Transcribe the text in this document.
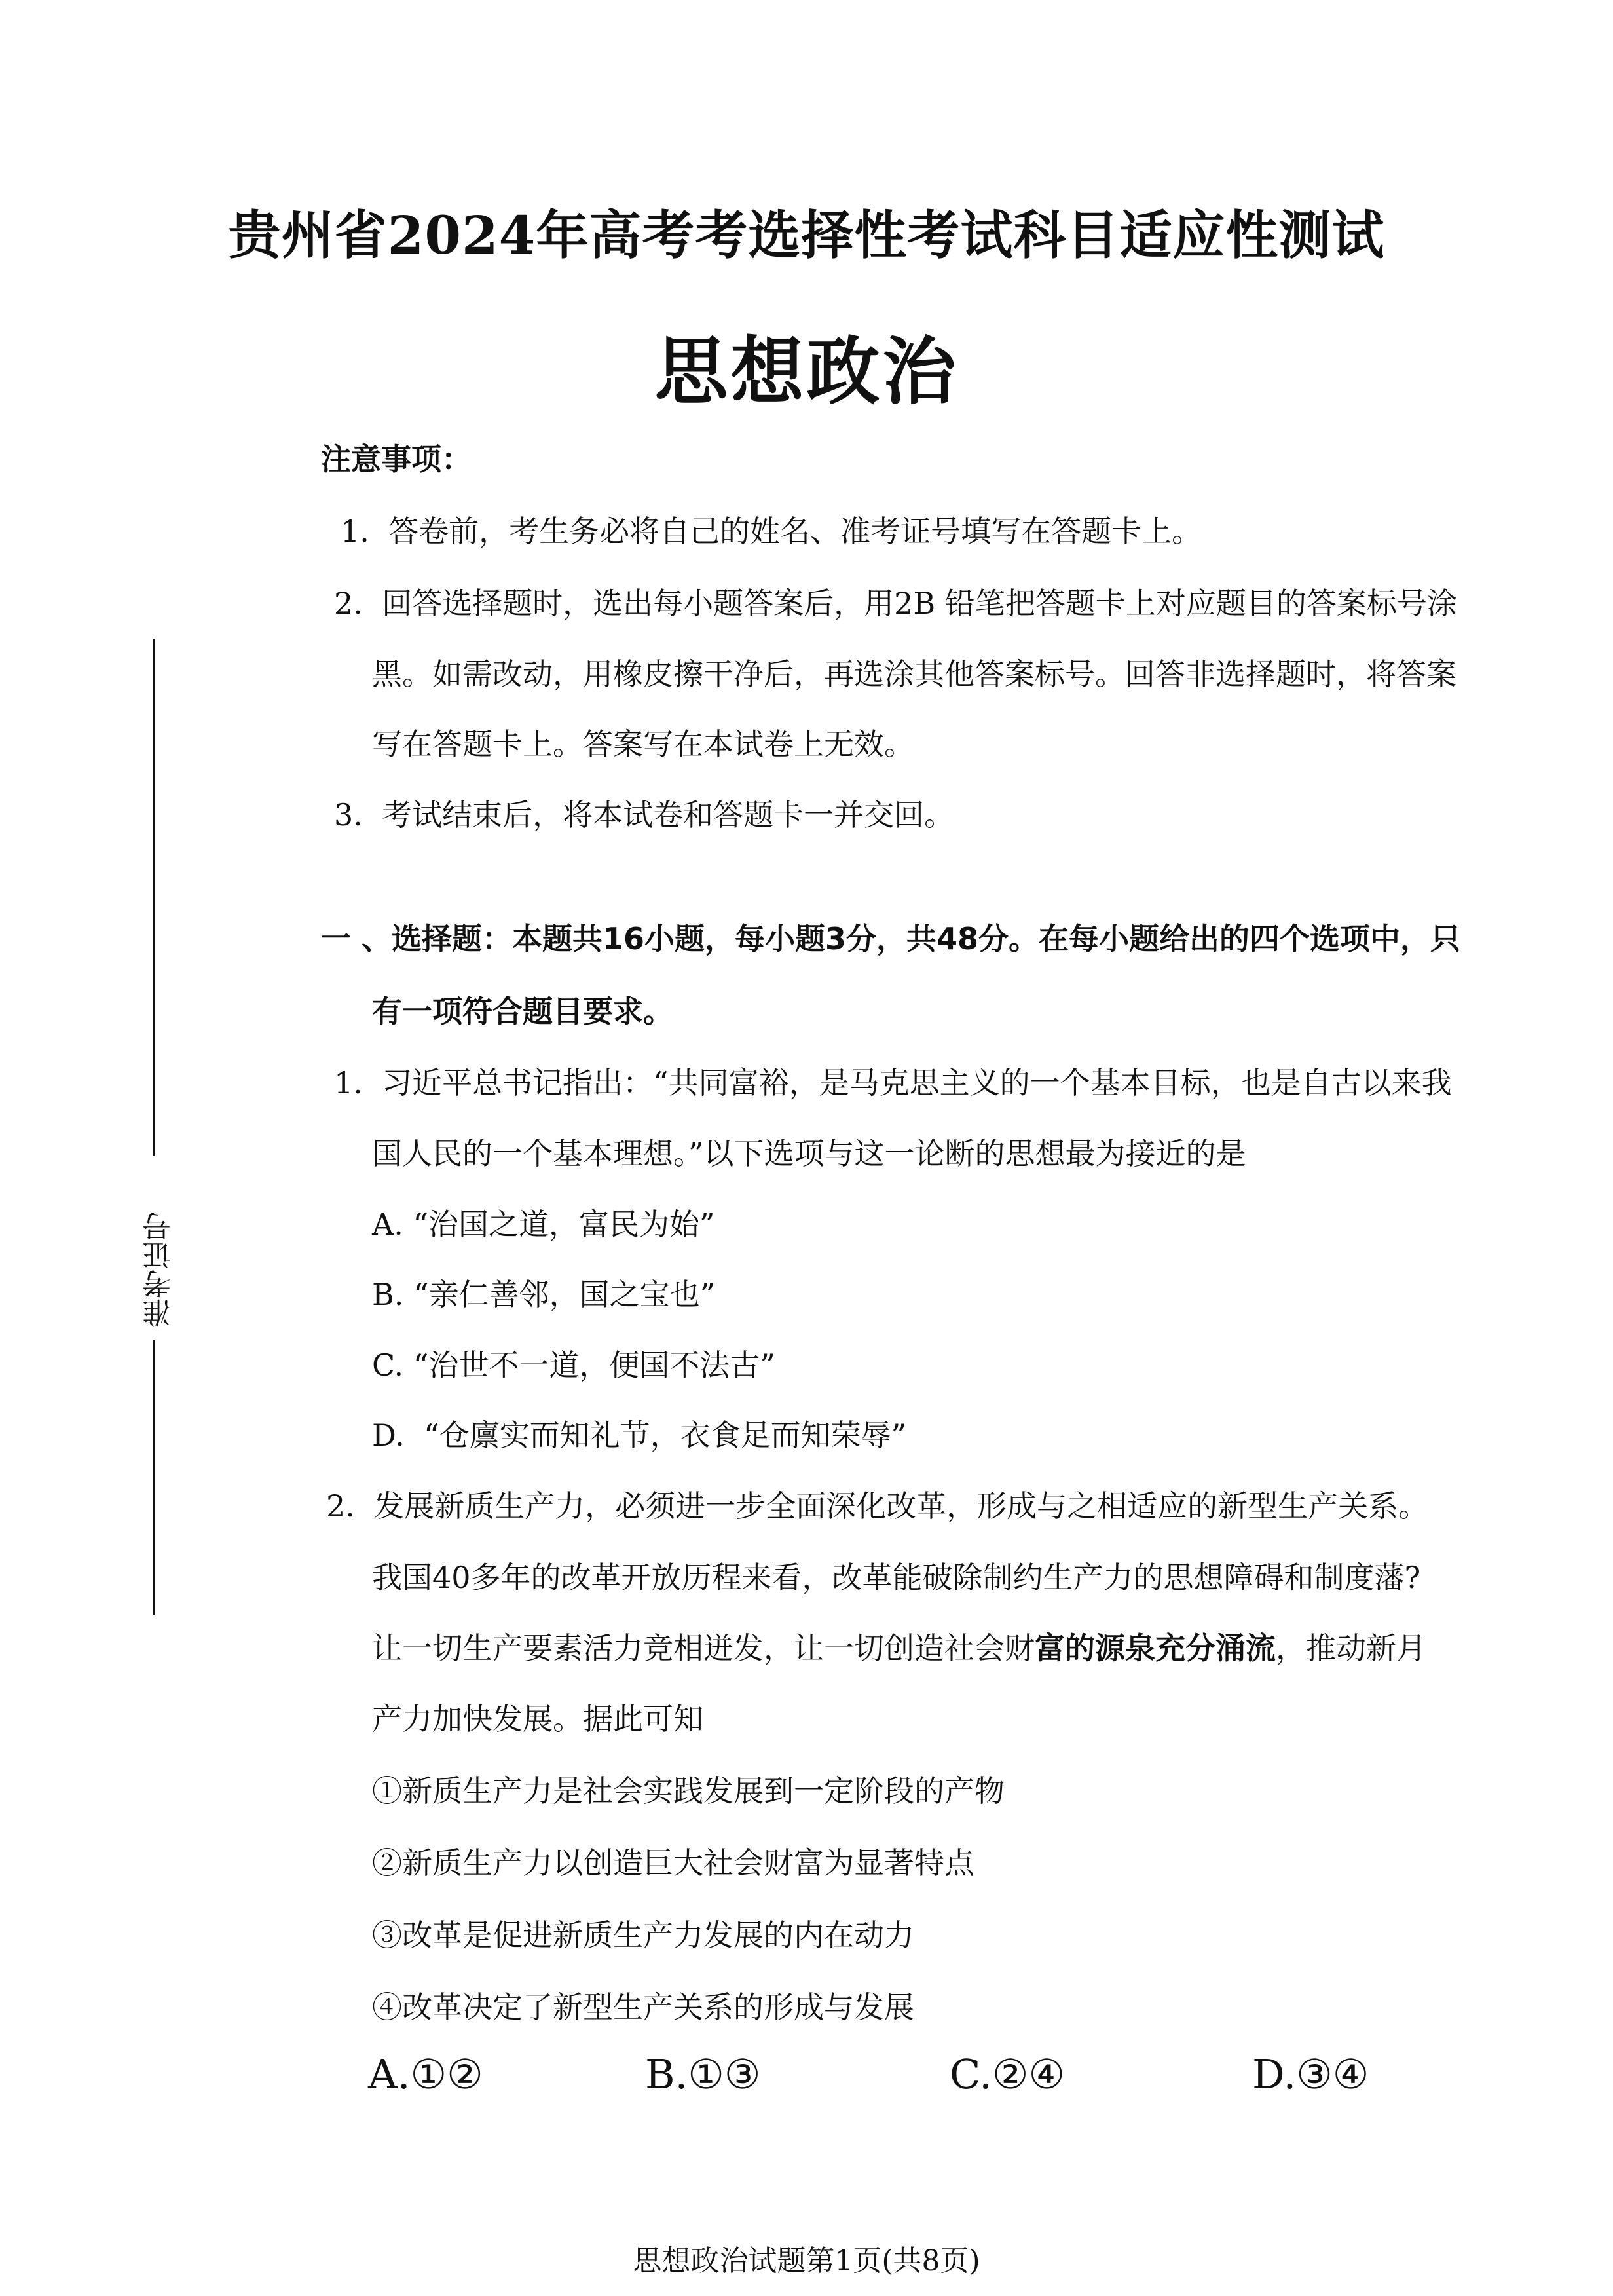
贵州省2024年高考考选择性考试科目适应性测试
思想政治
注意事项：
1. 答卷前，考生务必将自己的姓名、准考证号填写在答题卡上。
2. 回答选择题时，选出每小题答案后，用2B 铅笔把答题卡上对应题目的答案标号涂
黑。如需改动，用橡皮擦干净后，再选涂其他答案标号。回答非选择题时，将答案
写在答题卡上。答案写在本试卷上无效。
3. 考试结束后，将本试卷和答题卡一并交回。
一 、选择题：本题共16小题，每小题3分，共48分。在每小题给出的四个选项中，只
有一项符合题目要求。
1. 习近平总书记指出：“共同富裕，是马克思主义的一个基本目标，也是自古以来我
国人民的一个基本理想。”以下选项与这一论断的思想最为接近的是
A. “治国之道，富民为始”
B. “亲仁善邻，国之宝也”
C. “治世不一道，便国不法古”
D. “仓廪实而知礼节，衣食足而知荣辱”
2. 发展新质生产力，必须进一步全面深化改革，形成与之相适应的新型生产关系。
我国40多年的改革开放历程来看，改革能破除制约生产力的思想障碍和制度藩?
让一切生产要素活力竞相迸发，让一切创造社会财富的源泉充分涌流，推动新月
产力加快发展。据此可知
①新质生产力是社会实践发展到一定阶段的产物
②新质生产力以创造巨大社会财富为显著特点
③改革是促进新质生产力发展的内在动力
④改革决定了新型生产关系的形成与发展
A.①②	B.①③	C.②④	D.③④
准考证号
思想政治试题第1页(共8页)
